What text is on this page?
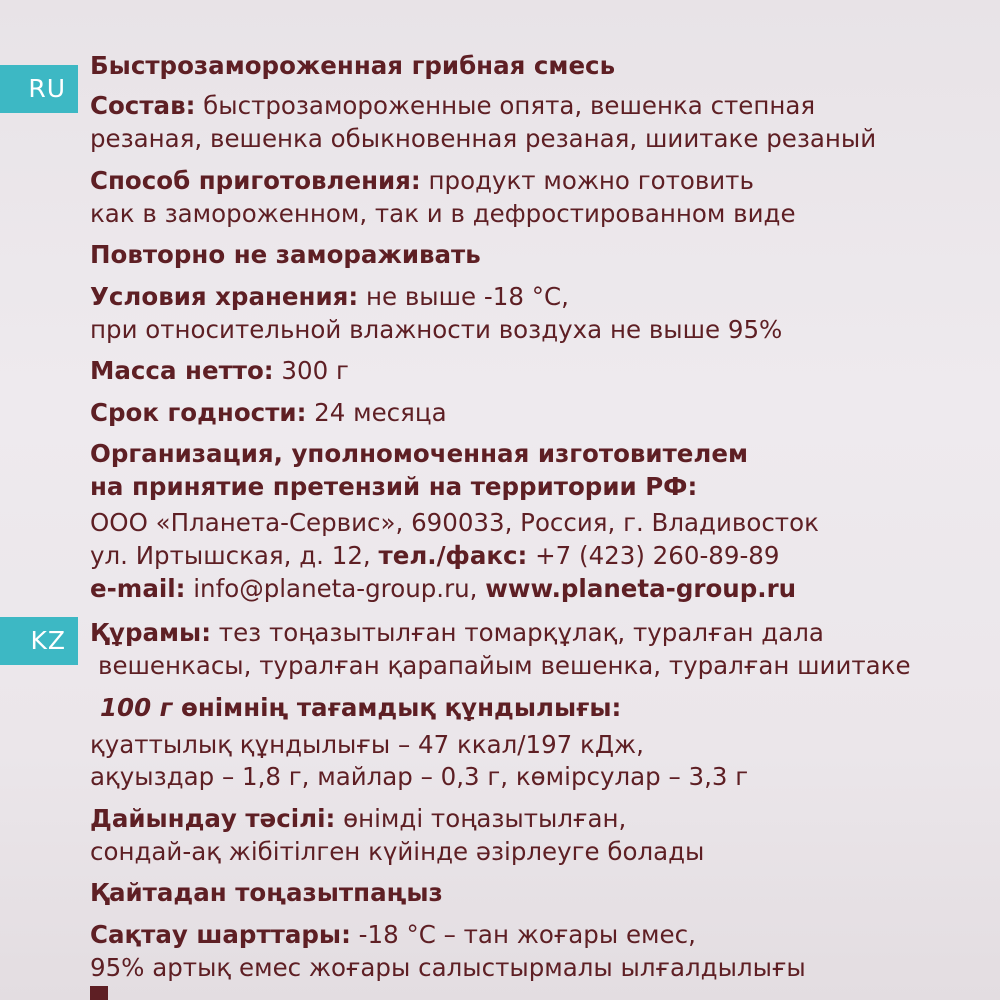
RU
KZ
Быстрозамороженная грибная смесь
Состав: быстрозамороженные опята, вешенка степная
резаная, вешенка обыкновенная резаная, шиитаке резаный
Способ приготовления: продукт можно готовить
как в замороженном, так и в дефростированном виде
Повторно не замораживать
Условия хранения: не выше -18 °С,
при относительной влажности воздуха не выше 95%
Масса нетто: 300 г
Срок годности: 24 месяца
Организация, уполномоченная изготовителем
на принятие претензий на территории РФ:
ООО «Планета-Сервис», 690033, Россия, г. Владивосток
ул. Иртышская, д. 12, тел./факс: +7 (423) 260-89-89
e-mail: info@planeta-group.ru, www.planeta-group.ru
Құрамы: тез тоңазытылған томарқұлақ, туралған дала
вешенкасы, туралған қарапайым вешенка, туралған шиитаке
100 г өнімнің тағамдық құндылығы:
қуаттылық құндылығы – 47 ккал/197 кДж,
ақуыздар – 1,8 г, майлар – 0,3 г, көмірсулар – 3,3 г
Дайындау тәсілі: өнімді тоңазытылған,
сондай-ақ жібітілген күйінде әзірлеуге болады
Қайтадан тоңазытпаңыз
Сақтау шарттары: -18 °С – тан жоғары емес,
95% артық емес жоғары салыстырмалы ылғалдылығы
